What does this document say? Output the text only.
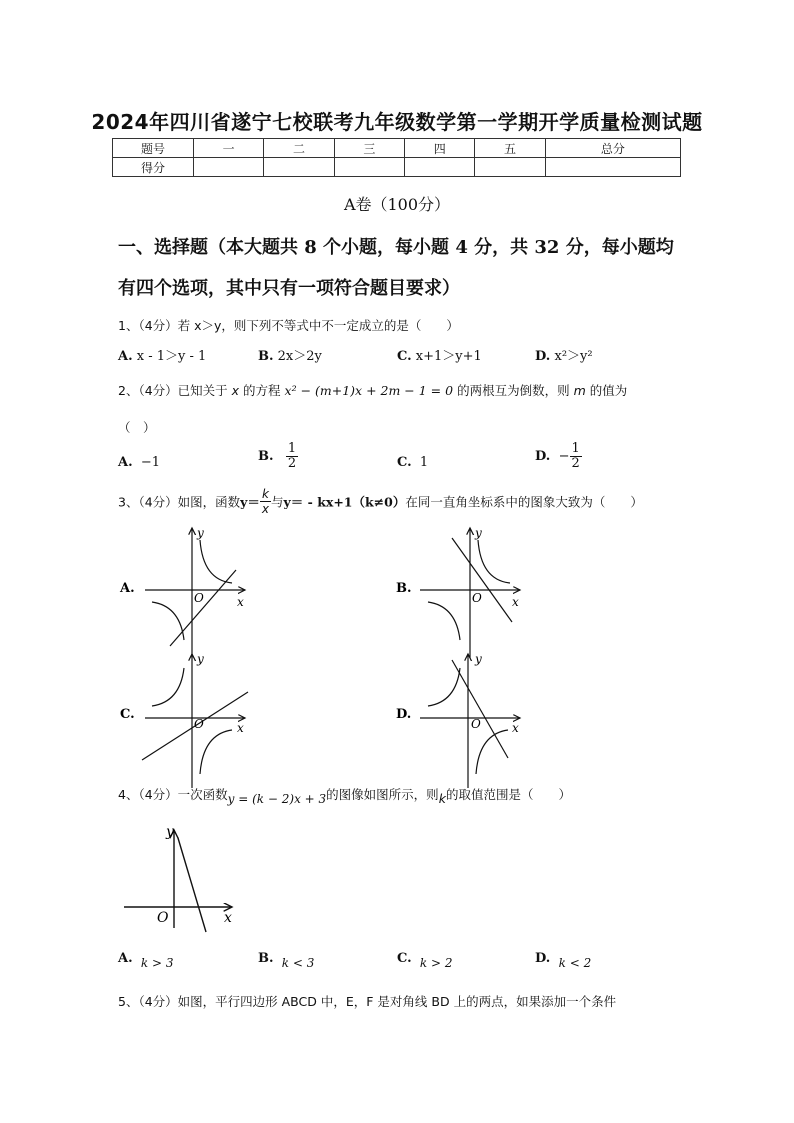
2024年四川省遂宁七校联考九年级数学第一学期开学质量检测试题
题号	一	二	三	四	五	总分
得分						
A卷（100分）
一、选择题（本大题共 8 个小题，每小题 4 分，共 32 分，每小题均
有四个选项，其中只有一项符合题目要求）
1、（4分）若 x＞y，则下列不等式中不一定成立的是（　　）
A. x - 1＞y - 1	B. 2x＞2y	C. x+1＞y+1	D. x²＞y²
2、（4分）已知关于 x 的方程 x² − (m+1)x + 2m − 1 = 0 的两根互为倒数，则 m 的值为
（　）
A. −1	B. $\frac{1}{2}$	C. 1	D. − $\frac{1}{2}$
3、（4分）如图，函数$y= \frac{k}{x}$ 与y＝ - kx+1（k≠0）在同一直角坐标系中的图象大致为（　　）
A.
x
y
O
B.
x
y
O
C.
x
y
O
D.
x
y
O
x
y
O
4、（4分）一次函数y = (k − 2)x + 3的图像如图所示，则k的取值范围是（　　）
A. k > 3	B. k < 3	C. k > 2	D. k < 2
5、（4分）如图，平行四边形 ABCD 中，E，F 是对角线 BD 上的两点，如果添加一个条件
